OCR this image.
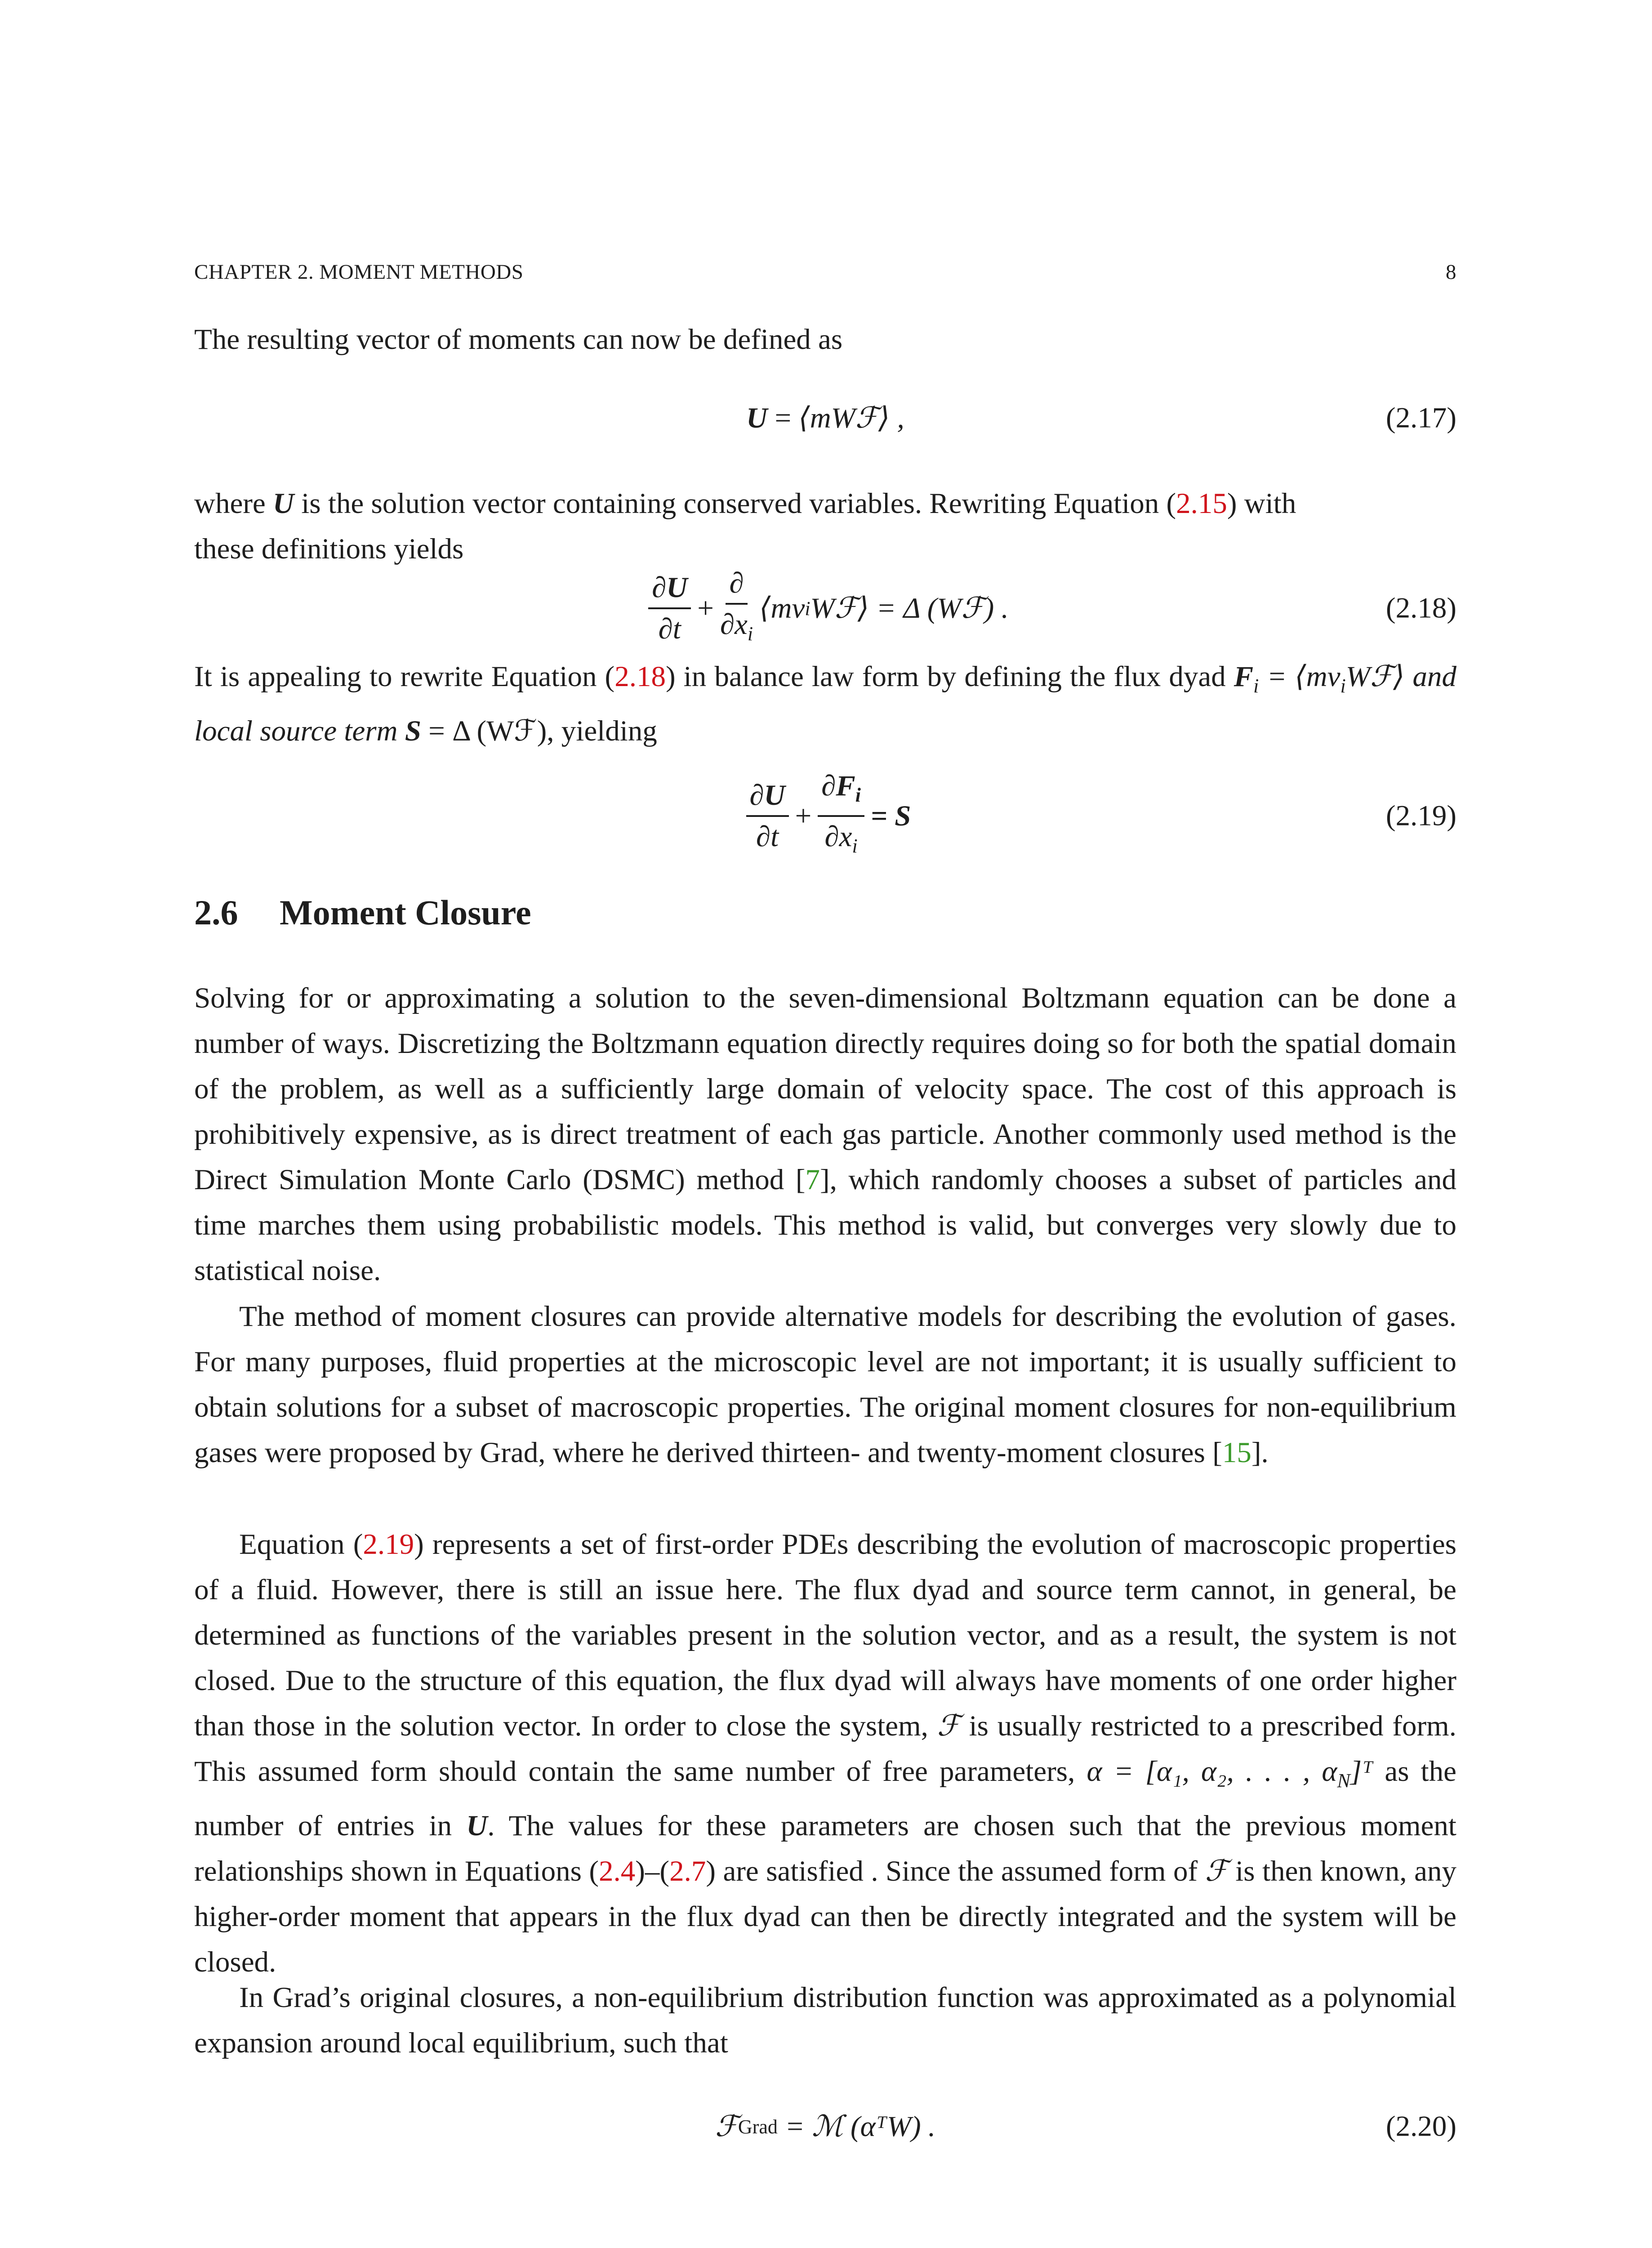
CHAPTER 2. MOMENT METHODS	8

The resulting vector of moments can now be defined as

U = ⟨mWℱ⟩ ,	(2.17)

where U is the solution vector containing conserved variables. Rewriting Equation (2.15) with
these definitions yields

$\frac{\partial U}{\partial t} + \frac{\partial}{\partial x_i}$ ⟨mv i Wℱ⟩ = Δ (Wℱ) .	(2.18)

It is appealing to rewrite Equation (2.18) in balance law form by defining the flux dyad $F_i$ = $⟨mv_iWℱ⟩$ and local source term S = Δ (Wℱ), yielding

$\frac{\partial U}{\partial t} + \frac{\partial F_i}{\partial x_i} = S$	(2.19)
2.6 Moment Closure

Solving for or approximating a solution to the seven-dimensional Boltzmann equation can be done a number of ways. Discretizing the Boltzmann equation directly requires doing so for both the spatial domain of the problem, as well as a sufficiently large domain of velocity space. The cost of this approach is prohibitively expensive, as is direct treatment of each gas particle. Another commonly used method is the Direct Simulation Monte Carlo (DSMC) method [7], which randomly chooses a subset of particles and time marches them using probabilistic models. This method is valid, but converges very slowly due to statistical noise.

The method of moment closures can provide alternative models for describing the evolution of gases. For many purposes, fluid properties at the microscopic level are not important; it is usually sufficient to obtain solutions for a subset of macroscopic properties. The original moment closures for non-equilibrium gases were proposed by Grad, where he derived thirteen- and twenty-moment closures [15].

Equation (2.19) represents a set of first-order PDEs describing the evolution of macroscopic properties of a fluid. However, there is still an issue here. The flux dyad and source term cannot, in general, be determined as functions of the variables present in the solution vector, and as a result, the system is not closed. Due to the structure of this equation, the flux dyad will always have moments of one order higher than those in the solution vector. In order to close the system, ℱ is usually restricted to a prescribed form. This assumed form should contain the same number of free parameters, α = [α₁, α₂, . . . , $\alpha_N]ᵀ$ as the number of entries in U. The values for these parameters are chosen such that the previous moment relationships shown in Equations (2.4)–(2.7) are satisfied . Since the assumed form of ℱ is then known, any higher-order moment that appears in the flux dyad can then be directly integrated and the system will be closed.

In Grad’s original closures, a non-equilibrium distribution function was approximated as a polynomial expansion around local equilibrium, such that

ℱ Grad = ℳ (αᵀW) .	(2.20)
